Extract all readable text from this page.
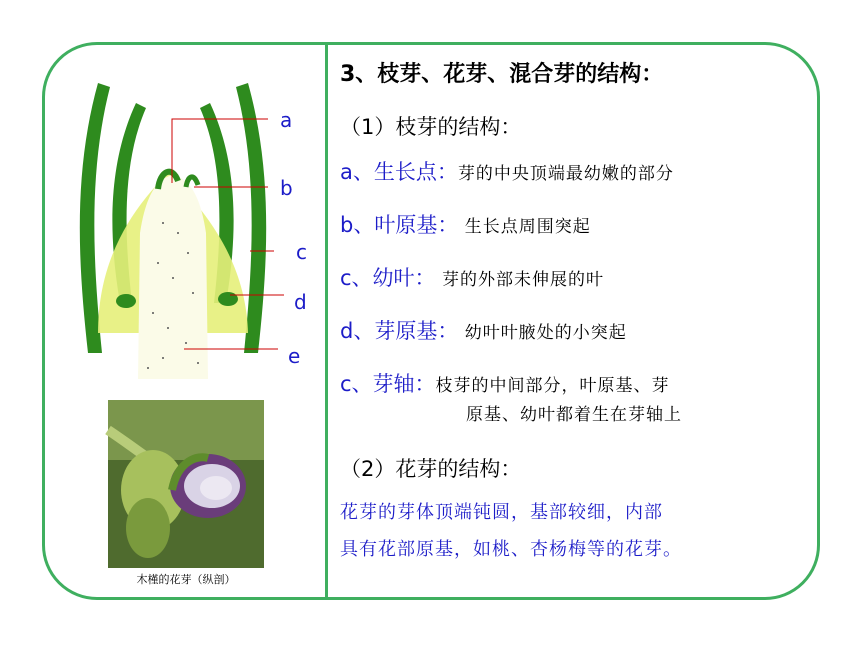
a
b
c
d
e
木槿的花芽（纵剖）
3、枝芽、花芽、混合芽的结构：
（1）枝芽的结构：
a、生长点：芽的中央顶端最幼嫩的部分
b、叶原基： 生长点周围突起
c、幼叶： 芽的外部未伸展的叶
d、芽原基： 幼叶叶腋处的小突起
c、芽轴：枝芽的中间部分，叶原基、芽
原基、幼叶都着生在芽轴上
（2）花芽的结构：
花芽的芽体顶端钝圆，基部较细，内部
具有花部原基，如桃、杏杨梅等的花芽。
